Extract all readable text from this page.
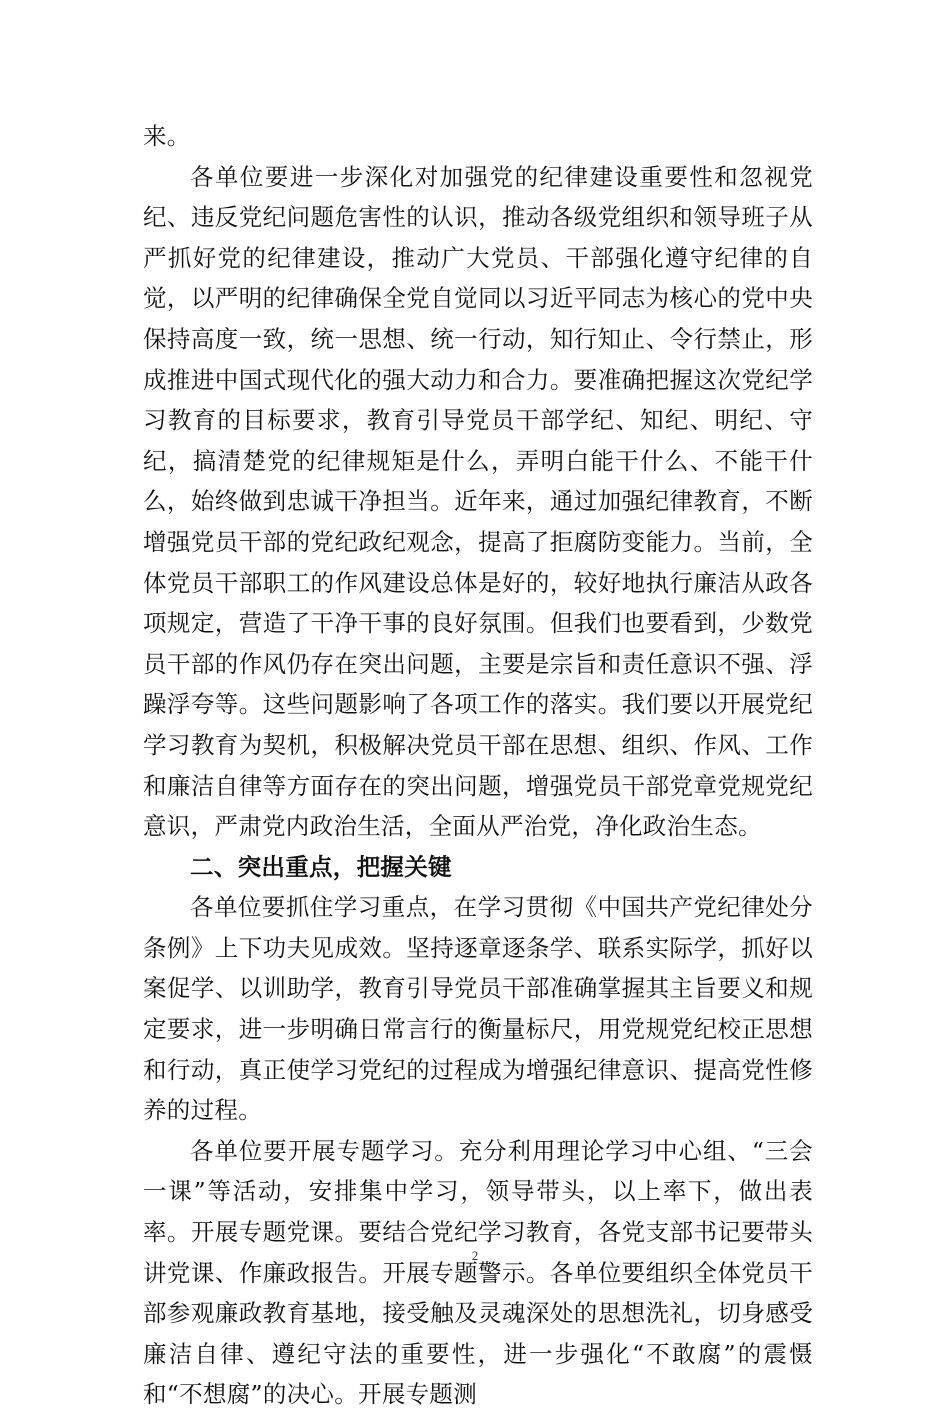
来。

各单位要进一步深化对加强党的纪律建设重要性和忽视党纪、违反党纪问题危害性的认识，推动各级党组织和领导班子从严抓好党的纪律建设，推动广大党员、干部强化遵守纪律的自觉，以严明的纪律确保全党自觉同以习近平同志为核心的党中央保持高度一致，统一思想、统一行动，知行知止、令行禁止，形成推进中国式现代化的强大动力和合力。要准确把握这次党纪学习教育的目标要求，教育引导党员干部学纪、知纪、明纪、守纪，搞清楚党的纪律规矩是什么，弄明白能干什么、不能干什么，始终做到忠诚干净担当。近年来，通过加强纪律教育，不断增强党员干部的党纪政纪观念，提高了拒腐防变能力。当前，全体党员干部职工的作风建设总体是好的，较好地执行廉洁从政各项规定，营造了干净干事的良好氛围。但我们也要看到，少数党员干部的作风仍存在突出问题，主要是宗旨和责任意识不强、浮躁浮夸等。这些问题影响了各项工作的落实。我们要以开展党纪学习教育为契机，积极解决党员干部在思想、组织、作风、工作和廉洁自律等方面存在的突出问题，增强党员干部党章党规党纪意识，严肃党内政治生活，全面从严治党，净化政治生态。

二、突出重点，把握关键

各单位要抓住学习重点，在学习贯彻《中国共产党纪律处分条例》上下功夫见成效。坚持逐章逐条学、联系实际学，抓好以案促学、以训助学，教育引导党员干部准确掌握其主旨要义和规定要求，进一步明确日常言行的衡量标尺，用党规党纪校正思想和行动，真正使学习党纪的过程成为增强纪律意识、提高党性修养的过程。

各单位要开展专题学习。充分利用理论学习中心组、“三会一课”等活动，安排集中学习，领导带头，以上率下，做出表率。开展专题党课。要结合党纪学习教育，各党支部书记要带头讲党课、作廉政报告。开展专题警示。各单位要组织全体党员干部参观廉政教育基地，接受触及灵魂深处的思想洗礼，切身感受廉洁自律、遵纪守法的重要性，进一步强化“不敢腐”的震慑和“不想腐”的决心。开展专题测

2
